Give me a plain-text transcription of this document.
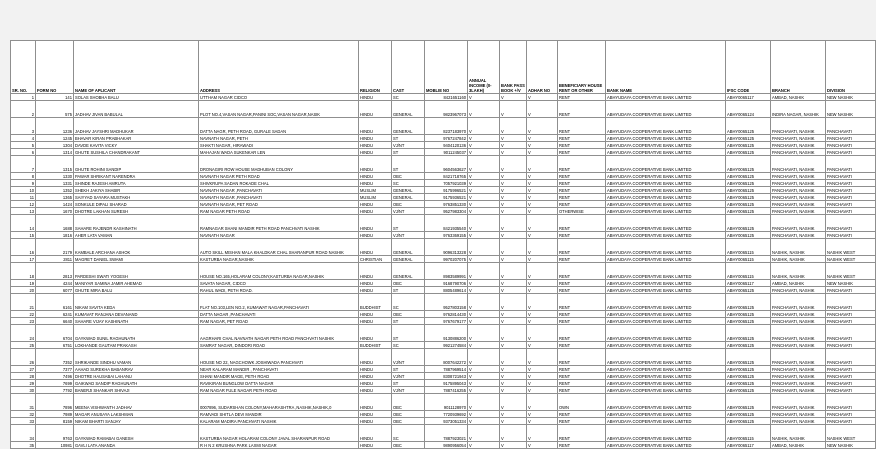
SR. NO.	FORM NO	NAME OF APLICANT	ADDRESS	RELIGION	CAST	MOBLIE NO	ANNUAL INCOME (0-3LAKH)	BANK PASS BOOK +/V	ADHAR NO	BENEFICIARY HOUSE RENT OR OTHER	BANK NAME	IFSC CODE	BRANCH	DIVISION
1	141	SOLAS SHOBHA BALU	UTTHAM NAGAR CIDCO	HINDU	SC	8421651160	V	V	V	RENT	ABHYUDAYA COOPERATIVE BANK LIMITED	ABHY0065117	AMBAD, NASHIK	NEW NASHIK
2	575	JADHAV JIVAN BABULAL	PLOT NO.4,VASAN NAGAR,PANINI SOC,VASAN NAGAR,NASIK	HINDU	GENERAL	9823967073	V	V	V	RENT	ABHYUDAYA COOPERATIVE BANK LIMITED	ABHY0065124	INDIRA NAGAR, NASHIK	NEW NASHIK
3	1236	JADHAV JAYSHRI MADHUKAR	DATTA NAGR, PETH ROAD, GURALE SADAN	HINDU	GENERAL	8237183970	V	V	V	RENT	ABHYUDAYA COOPERATIVE BANK LIMITED	ABHY0065125	PANCHAVATI, NASHIK	PANCHAVATI
4	1245	BHAVAR KIRAN PRABHAKAR	NAVNATH NAGAR, PETH	HINDU	ST	9767247842	V	V	V	RENT	ABHYUDAYA COOPERATIVE BANK LIMITED	ABHY0065125	PANCHAVATI, NASHIK	PANCHAVATI
5	1304	DAVDE KAVITA VICKY	SHAKTI NAGAR, HIRAWADI	HINDU	VJ/NT	9404120136	V	V	V	RENT	ABHYUDAYA COOPERATIVE BANK LIMITED	ABHY0065125	PANCHAVATI, NASHIK	PANCHAVATI
6	1314	GHUTE SUSHILA CHANDRAKANT	MAHAJAN WADA SUKENKAR LEN	HINDU	ST	9011245037	V	V	V	RENT	ABHYUDAYA COOPERATIVE BANK LIMITED	ABHY0065125	PANCHAVATI, NASHIK	PANCHAVATI
7	1315	GHUTE ROHINI SANDIP	DRONAGIRI ROW HOUSE MADHUBAN COLONY	HINDU	ST	9604563627	V	V	V	RENT	ABHYUDAYA COOPERATIVE BANK LIMITED	ABHY0065125	PANCHAVATI, NASHIK	PANCHAVATI
8	1330	PAWAR SHRIKANT NARENDRA	NAVNATH NAGAR PETH ROAD	HINDU	OBC	8421718765	V	V	V	RENT	ABHYUDAYA COOPERATIVE BANK LIMITED	ABHY0065125	PANCHAVATI, NASHIK	PANCHAVATI
9	1331	SHINDE RAJESH AMRUTA	SHIVKRUPA SADAN ROKADE CHAL	HINDU	SC	7057921039	V	V	V	RENT	ABHYUDAYA COOPERATIVE BANK LIMITED	ABHY0065125	PANCHAVATI, NASHIK	PANCHAVATI
10	1352	SHEKH JAKIYA SHABIR	NAVNATH NAGAR ,PANCHAVATI	MUSLIM	GENERAL	9175996521	V	V	V	RENT	ABHYUDAYA COOPERATIVE BANK LIMITED	ABHY0065125	PANCHAVATI, NASHIK	PANCHAVATI
11	1365	SAIYYAD SAYARA MUSTAKH	NAVNATH NAGAR ,PANCHAVATI	MUSLIM	GENERAL	9175936521	V	V	V	RENT	ABHYUDAYA COOPERATIVE BANK LIMITED	ABHY0065125	PANCHAVATI, NASHIK	PANCHAVATI
12	1424	SONKULE DIPALI SHARAD	NAVNATH NAGAR, PET ROAD	HINDU	OBC	9763851330	V	V	V	RENT	ABHYUDAYA COOPERATIVE BANK LIMITED	ABHY0065125	PANCHAVATI, NASHIK	PANCHAVATI
13	1670	DHOTRE LAKHAN SURESH	RAM NAGAR PETH ROAD	HINDU	VJ/NT	9527983304	V	V	V	OTHERWISE	ABHYUDAYA COOPERATIVE BANK LIMITED	ABHY0065125	PANCHAVATI, NASHIK	PANCHAVATI
14	1688	SAHARE RAJENDR KASHINATH	RAMNAGAR SHANI MANDIR PETH ROAD PANCHVATI NASHIK	HINDU	ST	8421935540	V	V	V	RENT	ABHYUDAYA COOPERATIVE BANK LIMITED	ABHY0065125	PANCHAVATI, NASHIK	PANCHAVATI
15	1816	AHER LATA VAMAN	NAVNATH NAGAR	HINDU	VJ/NT	9763369155	V	V	V	RENT	ABHYUDAYA COOPERATIVE BANK LIMITED	ABHY0065125	PANCHAVATI, NASHIK	PANCHAVATI
16	2179	KAMBALE ARCHANA ASHOK	AUTO SKILL MISHAN MALA KHALDKAR CHAL SHARANPUR ROAD NASHIK	HINDU	GENERAL	9096313228	V	V	V	RENT	ABHYUDAYA COOPERATIVE BANK LIMITED	ABHY0065115	NASHIK, NASHIK	NASHIK WEST
17	2811	MAGRET DANIEL SWAMI	KASTURBA NAGAR,NASHIK	CHRISTIAN	GENERAL	9970207075	V	V	V	RENT	ABHYUDAYA COOPERATIVE BANK LIMITED	ABHY0065115	NASHIK, NASHIK	NASHIK WEST
18	2813	PARDESHI SWATI YOGESH	HOUSE NO.165,HOLARAM COLONY,KASTURBA NAGAR,NASHIK	HINDU	GENERAL	8983589991	V	V	V	RENT	ABHYUDAYA COOPERATIVE BANK LIMITED	ABHY0065115	NASHIK, NASHIK	NASHIK WEST
19	4244	MANIYAR SAMINA JAMIR AHEMAD	SAVATA NAGAR, CIDCO	HINDU	OBC	9168790706	V	V	V	RENT	ABHYUDAYA COOPERATIVE BANK LIMITED	ABHY0065117	AMBAD, NASHIK	NEW NASHIK
20	6077	GHUTE MIRA BALU	RAHUL WADI, PETH ROAD.	HINDU	ST	8805489614	V	V	V	RENT	ABHYUDAYA COOPERATIVE BANK LIMITED	ABHY0065125	PANCHAVATI, NASHIK	PANCHAVATI
21	6161	NIKAM SAVITA KEDA	FLAT NO.103,LEN NO.2, KUMAWAT NAGAR,PANCHAVATI	BUDDHIST	SC	9527803158	V	V	V	RENT	ABHYUDAYA COOPERATIVE BANK LIMITED	ABHY0065125	PANCHAVATI, NASHIK	PANCHAVATI
22	6241	KUMAVAT RANJANA DEVANAND	DATTA NAGAR ,PANCHAVATI	HINDU	OBC	9762814430	V	V	V	RENT	ABHYUDAYA COOPERATIVE BANK LIMITED	ABHY0065125	PANCHAVATI, NASHIK	PANCHAVATI
23	6640	SAHARE VIJAY KASHINATH	RAM NAGAR, PET ROAD	HINDU	ST	9767679177	V	V	V	RENT	ABHYUDAYA COOPERATIVE BANK LIMITED	ABHY0065125	PANCHAVATI, NASHIK	PANCHAVATI
24	6704	GAYKWAD SUNIL RAGHUNATH	AAGRHARI CHAL NAVNATH NAGAR PETH ROAD PANCHVATI NASHIK	HINDU	ST	9130886200	V	V	V	RENT	ABHYUDAYA COOPERATIVE BANK LIMITED	ABHY0065125	PANCHAVATI, NASHIK	PANCHAVATI
25	6751	LOKHANDE GAUTAM PRAKASH	SAMRAT NAGAR, DINDORI ROAD	BUDDHIST	SC	9921274584	V	V	V	RENT	ABHYUDAYA COOPERATIVE BANK LIMITED	ABHY0065125	PANCHAVATI, NASHIK	PANCHAVATI
26	7352	SHRIKANDE SINDHU VAMAN	HOUSE NO 22, NAGCHOWK JOSHIWADA PANCHVATI	HINDU	VJ/NT	8007642272	V	V	V	RENT	ABHYUDAYA COOPERATIVE BANK LIMITED	ABHY0065125	PANCHAVATI, NASHIK	PANCHAVATI
27	7377	AAHAD SUREKHA BABANRAV	NEAR KALARAM MANDIR , PANCHAVATI	HINDU	ST	7887969514	V	V	V	RENT	ABHYUDAYA COOPERATIVE BANK LIMITED	ABHY0065125	PANCHAVATI, NASHIK	PANCHAVATI
28	7496	DHOTRE HAUSABAI LAHANU	SHANI MANDIR MAGE, PETH ROAD	HINDU	VJ/NT	8308721943	V	V	V	RENT	ABHYUDAYA COOPERATIVE BANK LIMITED	ABHY0065125	PANCHAVATI, NASHIK	PANCHAVATI
29	7699	GAIKWAD SANDIP RAGHUNATH	RAVIKIRAN BUNGLOW DATTA NAGAR	HINDU	ST	9175895043	V	V	V	RENT	ABHYUDAYA COOPERATIVE BANK LIMITED	ABHY0065125	PANCHAVATI, NASHIK	PANCHAVATI
30	7792	BANERJI SHANKAR SHIVAJI	RAM NAGAR FULE NAGAR PETH ROAD	HINDU	VJ/NT	7887416255	V	V	V	RENT	ABHYUDAYA COOPERATIVE BANK LIMITED	ABHY0065125	PANCHAVATI, NASHIK	PANCHAVATI
31	7896	MEENA VISHWANTH JADHAV	0007896, SUDARSHAN COLONY,MAHARASHTRA ,NASHIK,NASHIK,0	HINDU	OBC	9011128970	V	V	V	OWN	ABHYUDAYA COOPERATIVE BANK LIMITED	ABHY0065125	PANCHAVATI, NASHIK	PANCHAVATI
32	7989	MAGAR ANUSAYA LAKSHMAN	RAMVADI SHITLA DEVI MANDIR	HINDU	OBC	7720939692	V	V	V	RENT	ABHYUDAYA COOPERATIVE BANK LIMITED	ABHY0065125	PANCHAVATI, NASHIK	PANCHAVATI
33	8159	NIKAM BHARTI SANJAY	KALARAM MADIRA PANCHVATI NASHIK	HINDU	OBC	9373051334	V	V	V	RENT	ABHYUDAYA COOPERATIVE BANK LIMITED	ABHY0065125	PANCHAVATI, NASHIK	PANCHAVATI
34	9763	GAYKWAD RAMABAI GANESH	KASTURBA NAGAR HOLARAM COLONY JAVAL SHARANPUR ROAD	HINDU	SC	7887923021	V	V	V	RENT	ABHYUDAYA COOPERATIVE BANK LIMITED	ABHY0065115	NASHIK, NASHIK	NASHIK WEST
35	10981	GAVLI LATA ANANDA	R H N 2 KRUSHNA PARK LAXMI NAGAR	HINDU	OBC	9890956054	V	V	V	RENT	ABHYUDAYA COOPERATIVE BANK LIMITED	ABHY0065117	AMBAD, NASHIK	NEW NASHIK
